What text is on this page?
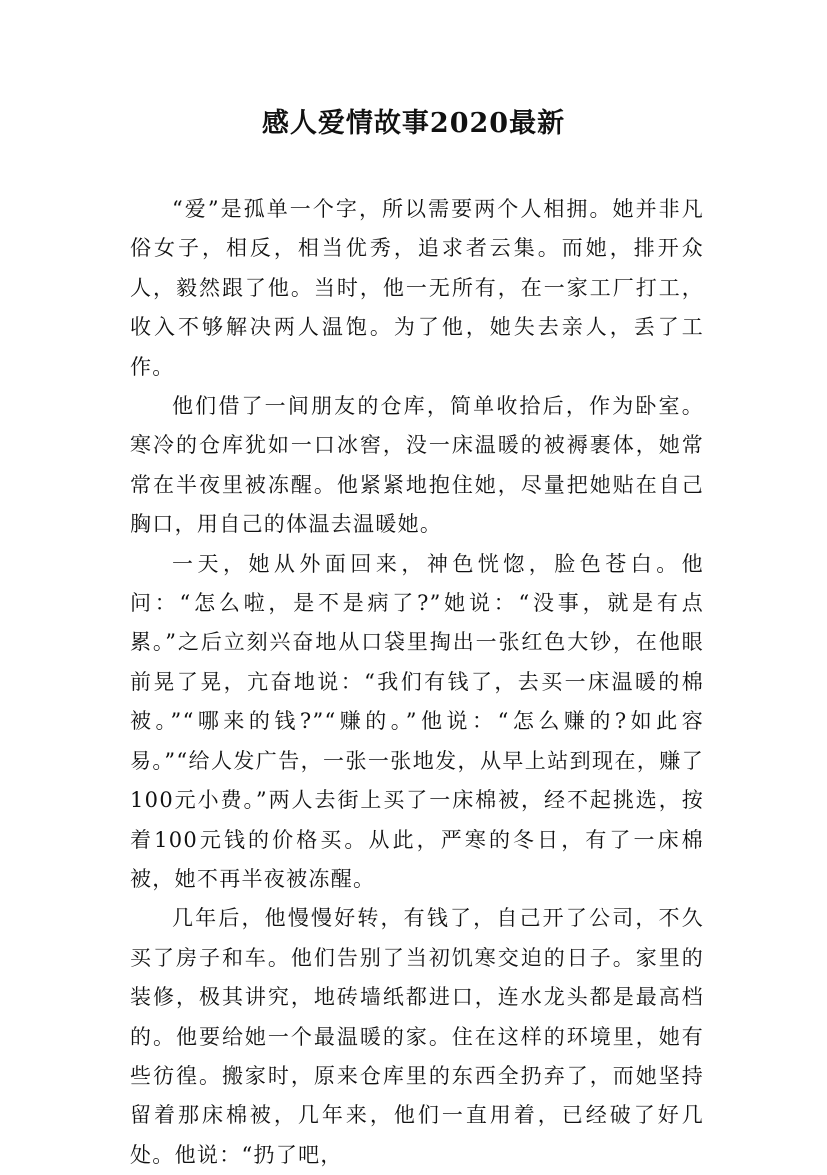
感人爱情故事2020最新

“爱”是孤单一个字，所以需要两个人相拥。她并非凡俗女子，相反，相当优秀，追求者云集。而她，排开众人，毅然跟了他。当时，他一无所有，在一家工厂打工，收入不够解决两人温饱。为了他，她失去亲人，丢了工作。

他们借了一间朋友的仓库，简单收拾后，作为卧室。寒冷的仓库犹如一口冰窖，没一床温暖的被褥裹体，她常常在半夜里被冻醒。他紧紧地抱住她，尽量把她贴在自己胸口，用自己的体温去温暖她。

一天，她从外面回来，神色恍惚，脸色苍白。他问：“怎么啦，是不是病了?”她说：“没事，就是有点累。”之后立刻兴奋地从口袋里掏出一张红色大钞，在他眼前晃了晃，亢奋地说：“我们有钱了，去买一床温暖的棉被。”“哪来的钱?”“赚的。”他说：“怎么赚的?如此容易。”“给人发广告，一张一张地发，从早上站到现在，赚了100元小费。”两人去街上买了一床棉被，经不起挑选，按着100元钱的价格买。从此，严寒的冬日，有了一床棉被，她不再半夜被冻醒。

几年后，他慢慢好转，有钱了，自己开了公司，不久买了房子和车。他们告别了当初饥寒交迫的日子。家里的装修，极其讲究，地砖墙纸都进口，连水龙头都是最高档的。他要给她一个最温暖的家。住在这样的环境里，她有些彷徨。搬家时，原来仓库里的东西全扔弃了，而她坚持留着那床棉被，几年来，他们一直用着，已经破了好几处。他说：“扔了吧，
